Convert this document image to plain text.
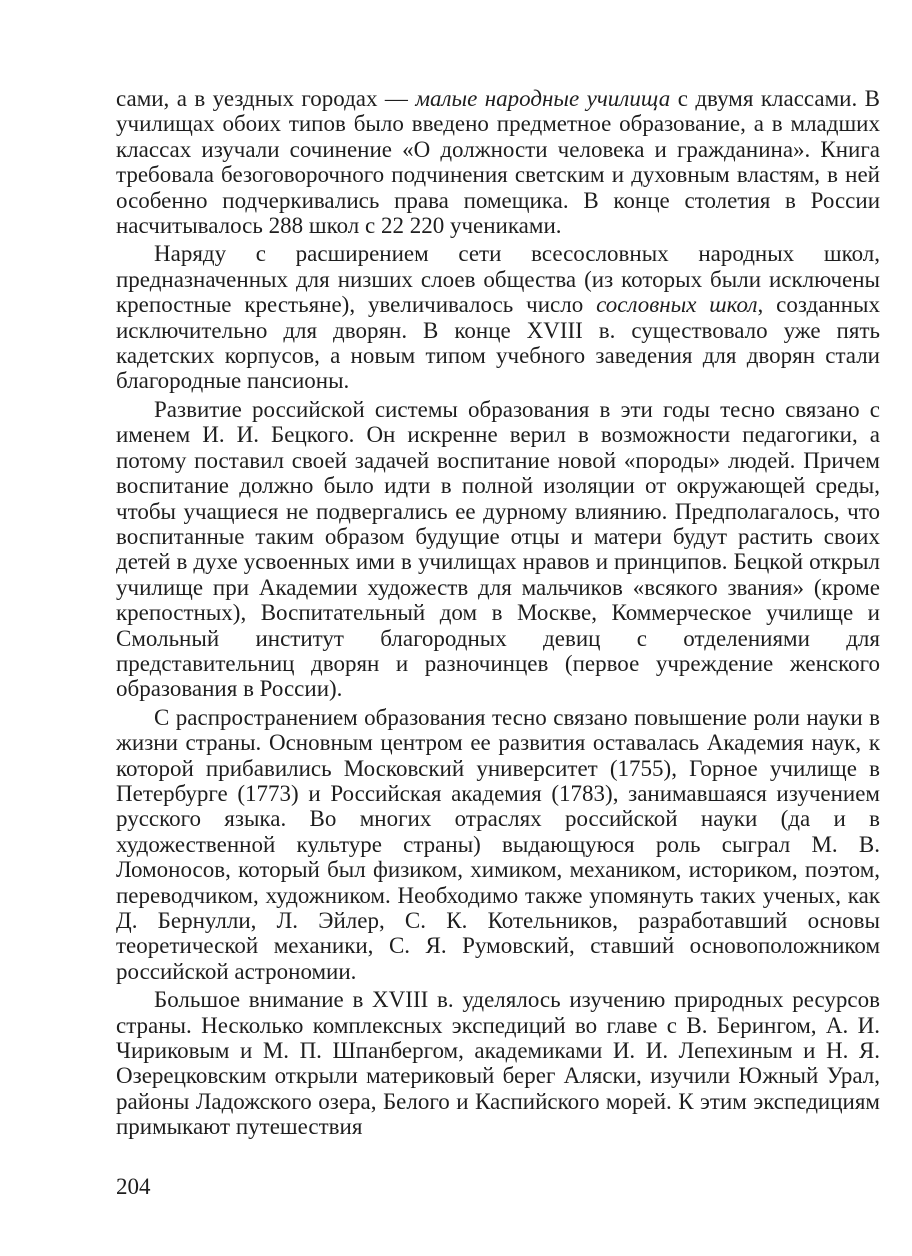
сами, а в уездных городах — малые народные училища с двумя классами. В училищах обоих типов было введено предметное образование, а в младших классах изучали сочинение «О должности человека и гражданина». Книга требовала безоговорочного подчинения светским и духовным властям, в ней особенно подчеркивались права помещика. В конце столетия в России насчитывалось 288 школ с 22 220 учениками.

Наряду с расширением сети всесословных народных школ, предназначенных для низших слоев общества (из которых были исключены крепостные крестьяне), увеличивалось число сословных школ, созданных исключительно для дворян. В конце XVIII в. существовало уже пять кадетских корпусов, а новым типом учебного заведения для дворян стали благородные пансионы.

Развитие российской системы образования в эти годы тесно связано с именем И. И. Бецкого. Он искренне верил в возможности педагогики, а потому поставил своей задачей воспитание новой «породы» людей. Причем воспитание должно было идти в полной изоляции от окружающей среды, чтобы учащиеся не подвергались ее дурному влиянию. Предполагалось, что воспитанные таким образом будущие отцы и матери будут растить своих детей в духе усвоенных ими в училищах нравов и принципов. Бецкой открыл училище при Академии художеств для мальчиков «всякого звания» (кроме крепостных), Воспитательный дом в Москве, Коммерческое училище и Смольный институт благородных девиц с отделениями для представительниц дворян и разночинцев (первое учреждение женского образования в России).

С распространением образования тесно связано повышение роли науки в жизни страны. Основным центром ее развития оставалась Академия наук, к которой прибавились Московский университет (1755), Горное училище в Петербурге (1773) и Российская академия (1783), занимавшаяся изучением русского языка. Во многих отраслях российской науки (да и в художественной культуре страны) выдающуюся роль сыграл М. В. Ломоносов, который был физиком, химиком, механиком, историком, поэтом, переводчиком, художником. Необходимо также упомянуть таких ученых, как Д. Бернулли, Л. Эйлер, С. К. Котельников, разработавший основы теоретической механики, С. Я. Румовский, ставший основоположником российской астрономии.

Большое внимание в XVIII в. уделялось изучению природных ресурсов страны. Несколько комплексных экспедиций во главе с В. Берингом, А. И. Чириковым и М. П. Шпанбергом, академиками И. И. Лепехиным и Н. Я. Озерецковским открыли материковый берег Аляски, изучили Южный Урал, районы Ладожского озера, Белого и Каспийского морей. К этим экспедициям примыкают путешествия

204
